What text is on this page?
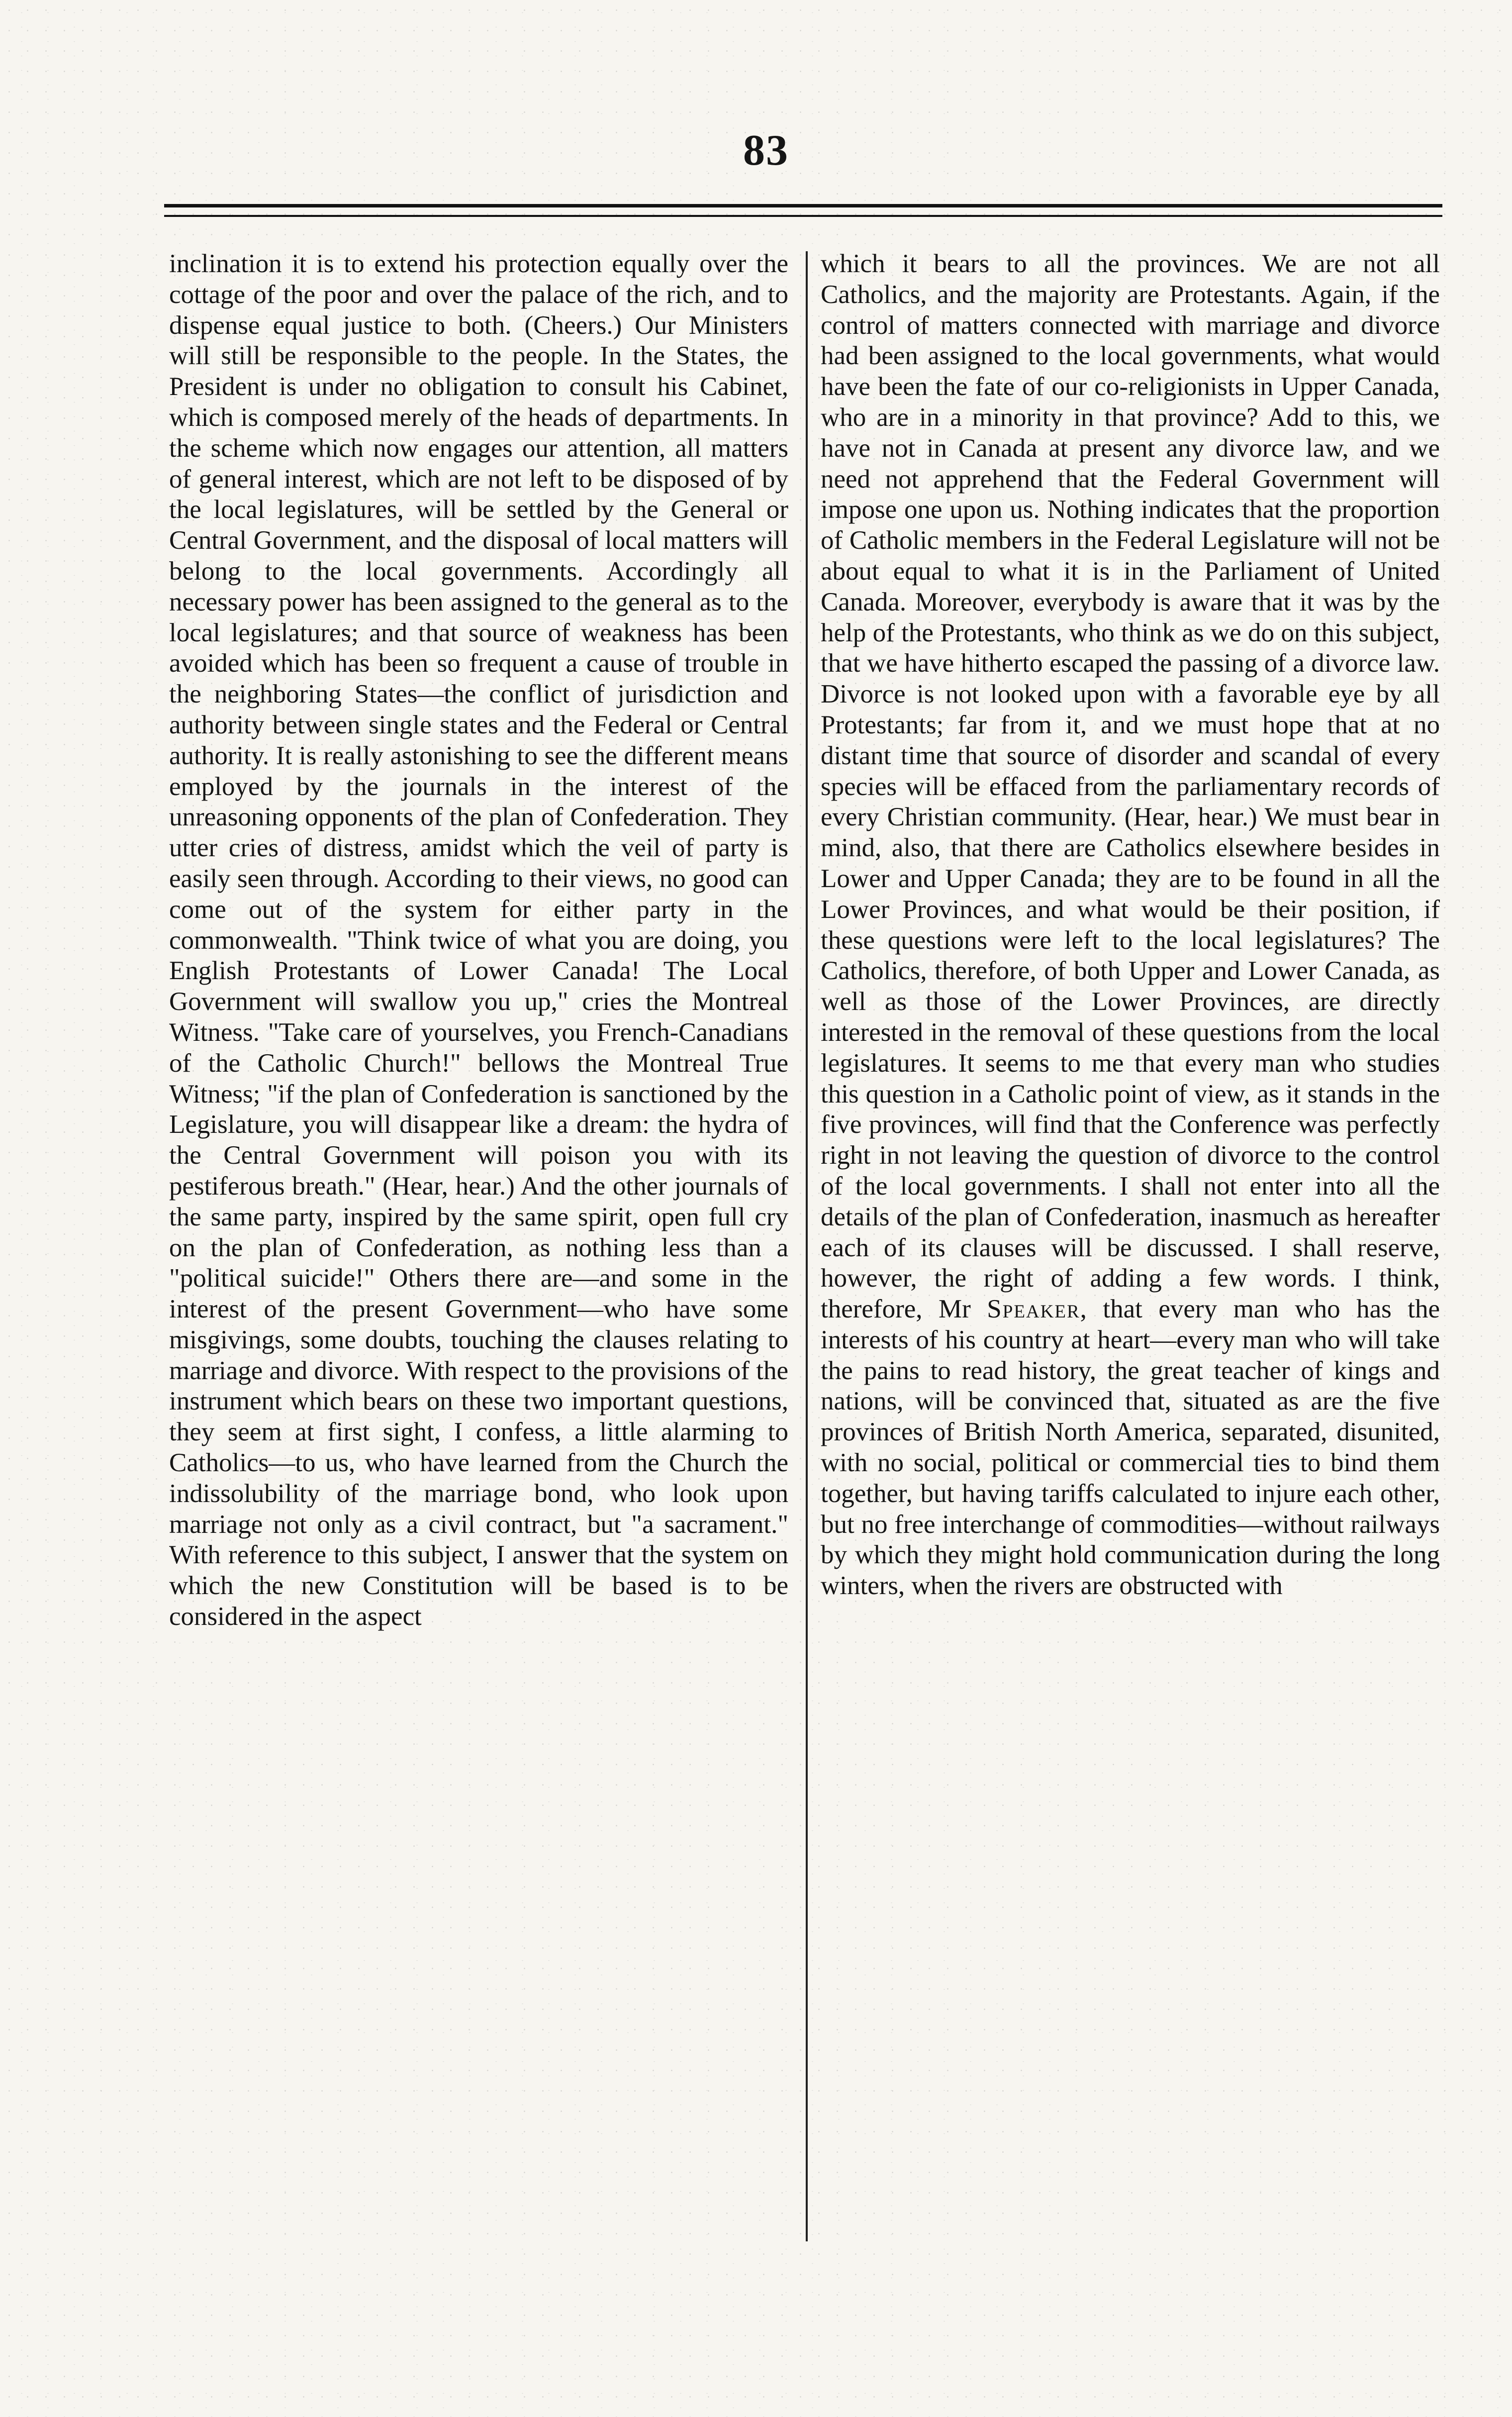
83

inclination it is to extend his protection equally over the cottage of the poor and over the palace of the rich, and to dispense equal justice to both. (Cheers.) Our Ministers will still be responsible to the people. In the States, the President is under no obligation to consult his Cabinet, which is composed merely of the heads of departments. In the scheme which now engages our attention, all matters of general interest, which are not left to be disposed of by the local legislatures, will be settled by the General or Central Government, and the disposal of local matters will belong to the local governments. Accordingly all necessary power has been assigned to the general as to the local legislatures; and that source of weakness has been avoided which has been so frequent a cause of trouble in the neighboring States—the conflict of jurisdiction and authority between single states and the Federal or Central authority. It is really astonishing to see the different means employed by the journals in the interest of the unreasoning opponents of the plan of Confederation. They utter cries of distress, amidst which the veil of party is easily seen through. According to their views, no good can come out of the system for either party in the commonwealth. "Think twice of what you are doing, you English Protestants of Lower Canada! The Local Government will swallow you up," cries the Montreal Witness. "Take care of yourselves, you French-Canadians of the Catholic Church!" bellows the Montreal True Witness; "if the plan of Confederation is sanctioned by the Legislature, you will disappear like a dream: the hydra of the Central Government will poison you with its pestiferous breath." (Hear, hear.) And the other journals of the same party, inspired by the same spirit, open full cry on the plan of Confederation, as nothing less than a "political suicide!" Others there are—and some in the interest of the present Government—who have some misgivings, some doubts, touching the clauses relating to marriage and divorce. With respect to the provisions of the instrument which bears on these two important questions, they seem at first sight, I confess, a little alarming to Catholics—to us, who have learned from the Church the indissolubility of the marriage bond, who look upon marriage not only as a civil contract, but "a sacrament." With reference to this subject, I answer that the system on which the new Constitution will be based is to be considered in the aspect

which it bears to all the provinces. We are not all Catholics, and the majority are Protestants. Again, if the control of matters connected with marriage and divorce had been assigned to the local governments, what would have been the fate of our co-religionists in Upper Canada, who are in a minority in that province? Add to this, we have not in Canada at present any divorce law, and we need not apprehend that the Federal Government will impose one upon us. Nothing indicates that the proportion of Catholic members in the Federal Legislature will not be about equal to what it is in the Parliament of United Canada. Moreover, everybody is aware that it was by the help of the Protestants, who think as we do on this subject, that we have hitherto escaped the passing of a divorce law. Divorce is not looked upon with a favorable eye by all Protestants; far from it, and we must hope that at no distant time that source of disorder and scandal of every species will be effaced from the parliamentary records of every Christian community. (Hear, hear.) We must bear in mind, also, that there are Catholics elsewhere besides in Lower and Upper Canada; they are to be found in all the Lower Provinces, and what would be their position, if these questions were left to the local legislatures? The Catholics, therefore, of both Upper and Lower Canada, as well as those of the Lower Provinces, are directly interested in the removal of these questions from the local legislatures. It seems to me that every man who studies this question in a Catholic point of view, as it stands in the five provinces, will find that the Conference was perfectly right in not leaving the question of divorce to the control of the local governments. I shall not enter into all the details of the plan of Confederation, inasmuch as hereafter each of its clauses will be discussed. I shall reserve, however, the right of adding a few words. I think, therefore, Mr Speaker, that every man who has the interests of his country at heart—every man who will take the pains to read history, the great teacher of kings and nations, will be convinced that, situated as are the five provinces of British North America, separated, disunited, with no social, political or commercial ties to bind them together, but having tariffs calculated to injure each other, but no free interchange of commodities—without railways by which they might hold communication during the long winters, when the rivers are obstructed with
